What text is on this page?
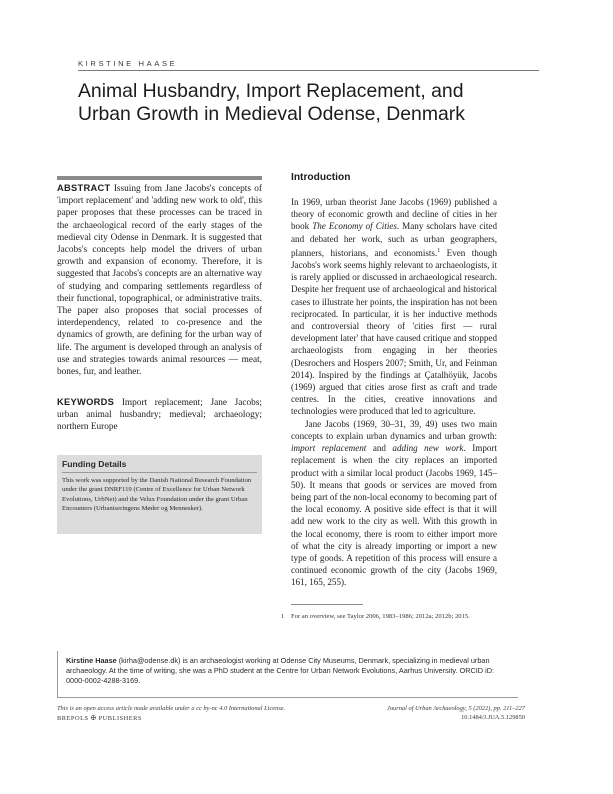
KIRSTINE HAASE
Animal Husbandry, Import Replacement, and
Urban Growth in Medieval Odense, Denmark
ABSTRACT Issuing from Jane Jacobs's concepts of 'import replacement' and 'adding new work to old', this paper proposes that these processes can be traced in the archaeological record of the early stages of the medieval city Odense in Denmark. It is suggested that Jacobs's concepts help model the drivers of urban growth and expansion of economy. Therefore, it is suggested that Jacobs's concepts are an alternative way of studying and comparing settlements regardless of their functional, topographical, or administrative traits. The paper also proposes that social processes of interdependency, related to co-presence and the dynamics of growth, are defining for the urban way of life. The argument is developed through an analysis of use and strategies towards animal resources — meat, bones, fur, and leather.
KEYWORDS Import replacement; Jane Jacobs; urban animal husbandry; medieval; archaeology; northern Europe
Funding Details
This work was supported by the Danish National Research Foundation under the grant DNRF119 (Centre of Excellence for Urban Network Evolutions, UrbNet) and the Velux Foundation under the grant Urban Encounters (Urbaniseringens Møder og Mennesker).
Introduction

In 1969, urban theorist Jane Jacobs (1969) published a theory of economic growth and decline of cities in her book The Economy of Cities. Many scholars have cited and debated her work, such as urban geographers, planners, historians, and economists.$^1$ Even though Jacobs's work seems highly relevant to archaeologists, it is rarely applied or discussed in archaeological research. Despite her frequent use of archaeological and historical cases to illustrate her points, the inspiration has not been reciprocated. In particular, it is her inductive methods and controversial theory of 'cities first — rural development later' that have caused critique and stopped archaeologists from engaging in her theories (Desrochers and Hospers 2007; Smith, Ur, and Feinman 2014). Inspired by the findings at Çatalhöyük, Jacobs (1969) argued that cities arose first as craft and trade centres. In the cities, creative innovations and technologies were produced that led to agriculture.

Jane Jacobs (1969, 30–31, 39, 49) uses two main concepts to explain urban dynamics and urban growth: import replacement and adding new work. Import replacement is when the city replaces an imported product with a similar local product (Jacobs 1969, 145–50). It means that goods or services are moved from being part of the non-local economy to becoming part of the local economy. A positive side effect is that it will add new work to the city as well. With this growth in the local economy, there is room to either import more of what the city is already importing or import a new type of goods. A repetition of this process will ensure a continued economic growth of the city (Jacobs 1969, 161, 165, 255).

1 For an overview, see Taylor 2006, 1983–1986; 2012a; 2012b; 2015.
Kirstine Haase (kirha@odense.dk) is an archaeologist working at Odense City Museums, Denmark, specializing in medieval urban archaeology. At the time of writing, she was a PhD student at the Centre for Urban Network Evolutions, Aarhus University. ORCID iD: 0000-0002-4288-3169.
This is an open access article made available under a cc by-nc 4.0 International License.	Journal of Urban Archaeology, 5 (2022), pp. 211–227
BREPOLS ✠ PUBLISHERS	10.1484/J.JUA.5.129850
